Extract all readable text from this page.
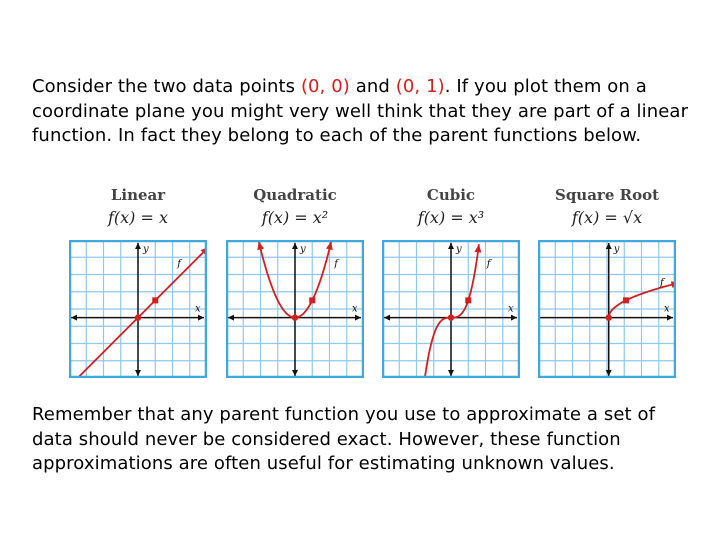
Consider the two data points (0, 0) and (0, 1). If you plot them on a coordinate plane you might very well think that they are part of a linear function. In fact they belong to each of the parent functions below.
Linear
f(x) = x
x
y
f
Quadratic
f(x) = x²
x
y
f
Cubic
f(x) = x³
x
y
f
Square Root
f(x) = √x
x
y
f
Remember that any parent function you use to approximate a set of data should never be considered exact. However, these function approximations are often useful for estimating unknown values.
